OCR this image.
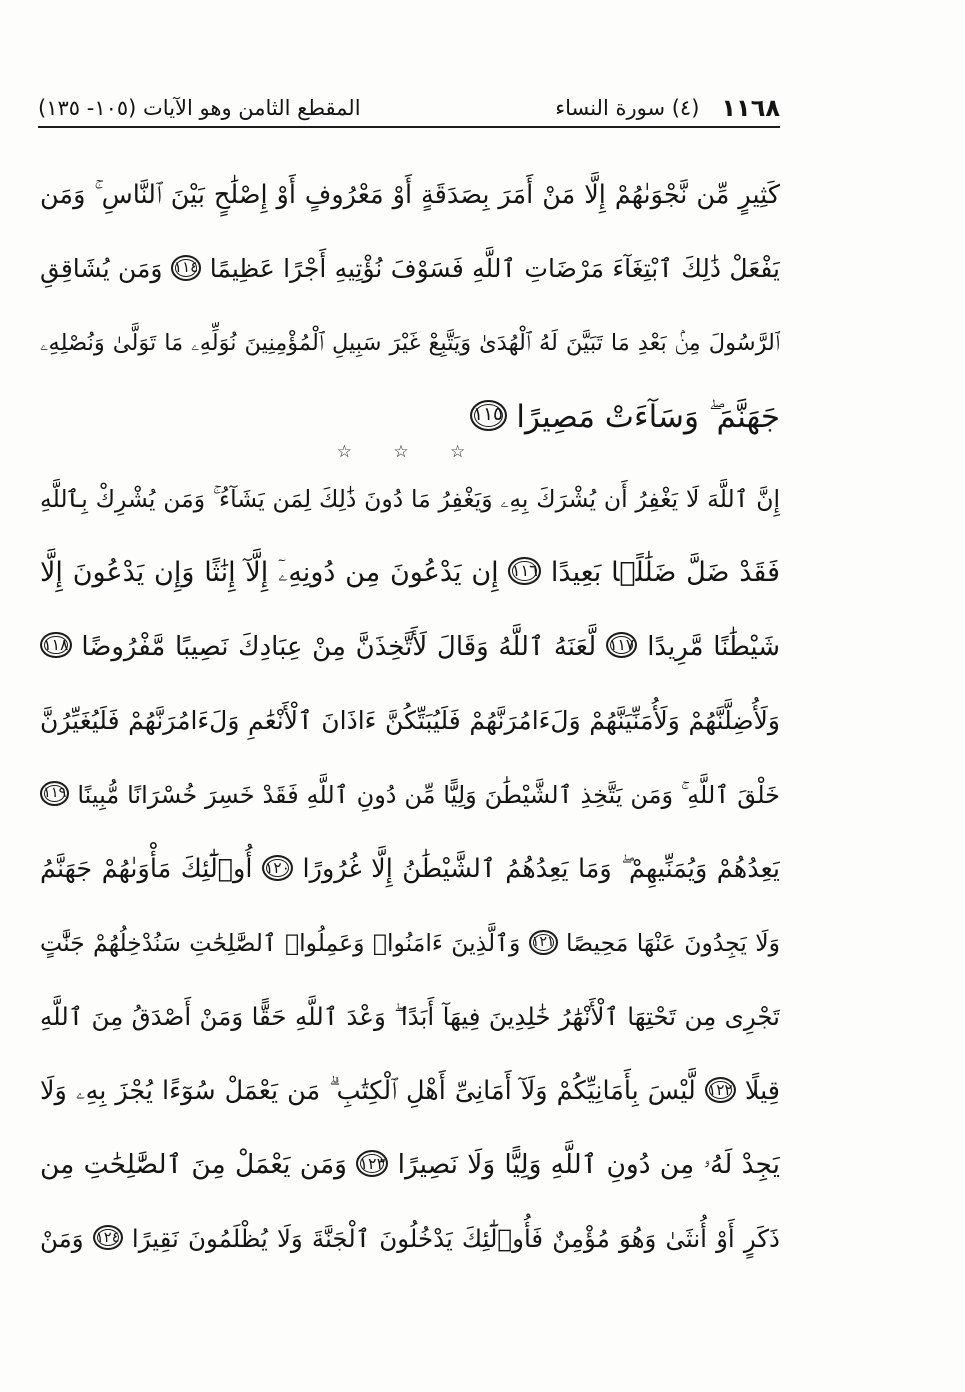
١١٦٨
(٤) سورة النساء
المقطع الثامن وهو الآيات (١٠٥- ١٣٥)
كَثِيرٍ مِّن نَّجْوَىٰهُمْ إِلَّا مَنْ أَمَرَ بِصَدَقَةٍ أَوْ مَعْرُوفٍ أَوْ إِصْلَٰحٍ بَيْنَ ٱلنَّاسِ ۚ وَمَن
يَفْعَلْ ذَٰلِكَ ٱبْتِغَآءَ مَرْضَاتِ ٱللَّهِ فَسَوْفَ نُؤْتِيهِ أَجْرًا عَظِيمًا ١١٤ وَمَن يُشَاقِقِ
ٱلرَّسُولَ مِنۢ بَعْدِ مَا تَبَيَّنَ لَهُ ٱلْهُدَىٰ وَيَتَّبِعْ غَيْرَ سَبِيلِ ٱلْمُؤْمِنِينَ نُوَلِّهِۦ مَا تَوَلَّىٰ وَنُصْلِهِۦ
جَهَنَّمَ ۖ وَسَآءَتْ مَصِيرًا ١١٥
☆ ☆ ☆
إِنَّ ٱللَّهَ لَا يَغْفِرُ أَن يُشْرَكَ بِهِۦ وَيَغْفِرُ مَا دُونَ ذَٰلِكَ لِمَن يَشَآءُ ۚ وَمَن يُشْرِكْ بِٱللَّهِ
فَقَدْ ضَلَّ ضَلَٰلًۢا بَعِيدًا ١١٦ إِن يَدْعُونَ مِن دُونِهِۦٓ إِلَّآ إِنَٰثًا وَإِن يَدْعُونَ إِلَّا
شَيْطَٰنًا مَّرِيدًا ١١٧ لَّعَنَهُ ٱللَّهُ وَقَالَ لَأَتَّخِذَنَّ مِنْ عِبَادِكَ نَصِيبًا مَّفْرُوضًا ١١٨
وَلَأُضِلَّنَّهُمْ وَلَأُمَنِّيَنَّهُمْ وَلَءَامُرَنَّهُمْ فَلَيُبَتِّكُنَّ ءَاذَانَ ٱلْأَنْعَٰمِ وَلَءَامُرَنَّهُمْ فَلَيُغَيِّرُنَّ
خَلْقَ ٱللَّهِ ۚ وَمَن يَتَّخِذِ ٱلشَّيْطَٰنَ وَلِيًّا مِّن دُونِ ٱللَّهِ فَقَدْ خَسِرَ خُسْرَانًا مُّبِينًا ١١٩
يَعِدُهُمْ وَيُمَنِّيهِمْ ۖ وَمَا يَعِدُهُمُ ٱلشَّيْطَٰنُ إِلَّا غُرُورًا ١٢٠ أُو۟لَٰٓئِكَ مَأْوَىٰهُمْ جَهَنَّمُ
وَلَا يَجِدُونَ عَنْهَا مَحِيصًا ١٢١ وَٱلَّذِينَ ءَامَنُوا۟ وَعَمِلُوا۟ ٱلصَّٰلِحَٰتِ سَنُدْخِلُهُمْ جَنَّٰتٍ
تَجْرِى مِن تَحْتِهَا ٱلْأَنْهَٰرُ خَٰلِدِينَ فِيهَآ أَبَدًا ۖ وَعْدَ ٱللَّهِ حَقًّا وَمَنْ أَصْدَقُ مِنَ ٱللَّهِ
قِيلًا ١٢٢ لَّيْسَ بِأَمَانِيِّكُمْ وَلَآ أَمَانِىِّ أَهْلِ ٱلْكِتَٰبِ ۗ مَن يَعْمَلْ سُوٓءًا يُجْزَ بِهِۦ وَلَا
يَجِدْ لَهُۥ مِن دُونِ ٱللَّهِ وَلِيًّا وَلَا نَصِيرًا ١٢٣ وَمَن يَعْمَلْ مِنَ ٱلصَّٰلِحَٰتِ مِن
ذَكَرٍ أَوْ أُنثَىٰ وَهُوَ مُؤْمِنٌ فَأُو۟لَٰٓئِكَ يَدْخُلُونَ ٱلْجَنَّةَ وَلَا يُظْلَمُونَ نَقِيرًا ١٢٤ وَمَنْ
